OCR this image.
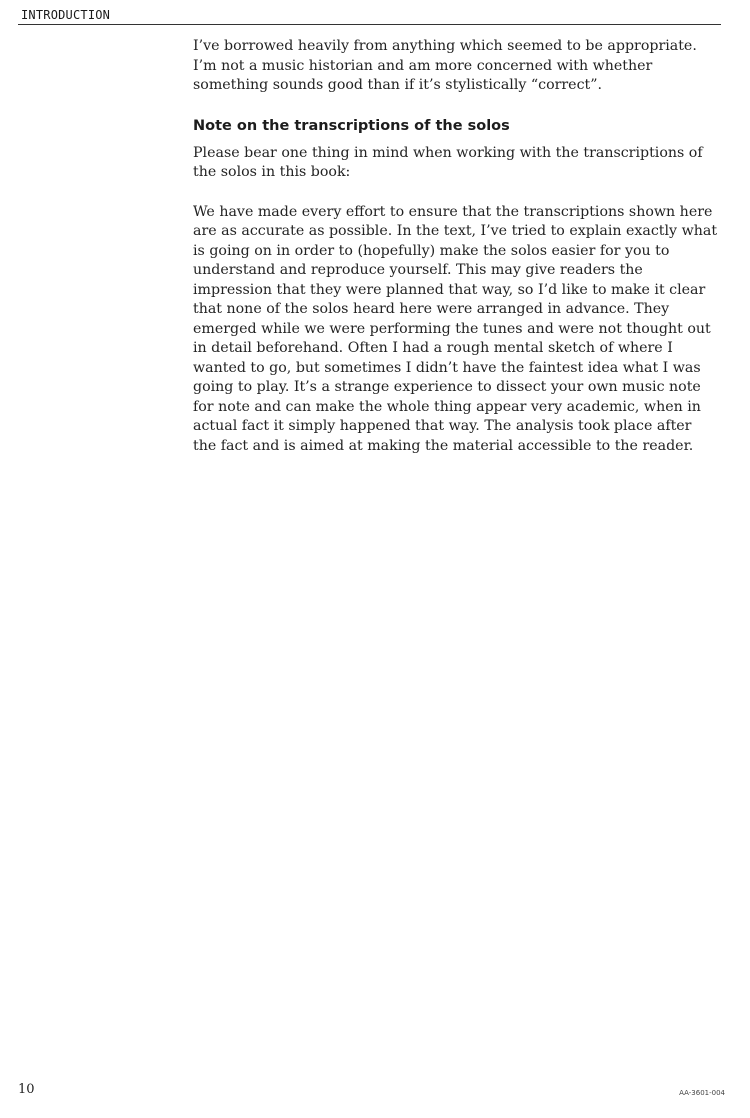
INTRODUCTION

I’ve borrowed heavily from anything which seemed to be appropriate. I’m not a music historian and am more concerned with whether something sounds good than if it’s stylistically “correct”.

Note on the transcriptions of the solos

Please bear one thing in mind when working with the transcriptions of the solos in this book:

We have made every effort to ensure that the transcriptions shown here are as accurate as possible. In the text, I’ve tried to explain exactly what is going on in order to (hopefully) make the solos easier for you to understand and reproduce yourself. This may give readers the impression that they were planned that way, so I’d like to make it clear that none of the solos heard here were arranged in advance. They emerged while we were performing the tunes and were not thought out in detail beforehand. Often I had a rough mental sketch of where I wanted to go, but sometimes I didn’t have the faintest idea what I was going to play. It’s a strange experience to dissect your own music note for note and can make the whole thing appear very academic, when in actual fact it simply happened that way. The analysis took place after the fact and is aimed at making the material accessible to the reader.

10	AA-3601-004
